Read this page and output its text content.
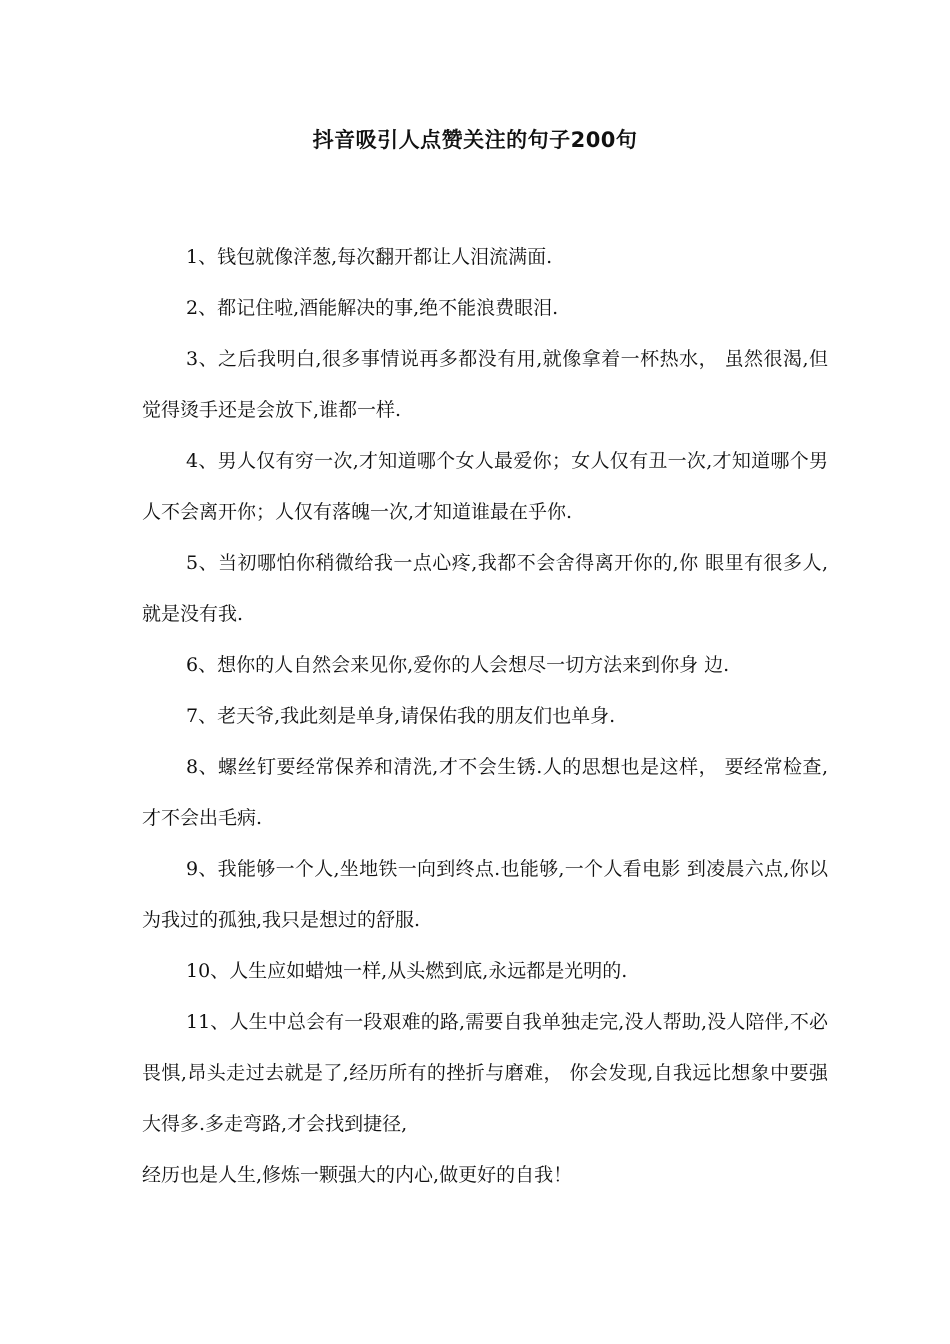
抖音吸引人点赞关注的句子200句

1、钱包就像洋葱,每次翻开都让人泪流满面.

2、都记住啦,酒能解决的事,绝不能浪费眼泪.

3、之后我明白,很多事情说再多都没有用,就像拿着一杯热水， 虽然很渴,但觉得烫手还是会放下,谁都一样.

4、男人仅有穷一次,才知道哪个女人最爱你；女人仅有丑一次,才知道哪个男人不会离开你；人仅有落魄一次,才知道谁最在乎你.

5、当初哪怕你稍微给我一点心疼,我都不会舍得离开你的,你 眼里有很多人,就是没有我.

6、想你的人自然会来见你,爱你的人会想尽一切方法来到你身 边.

7、老天爷,我此刻是单身,请保佑我的朋友们也单身.

8、螺丝钉要经常保养和清洗,才不会生锈.人的思想也是这样， 要经常检查,才不会出毛病.

9、我能够一个人,坐地铁一向到终点.也能够,一个人看电影 到凌晨六点,你以为我过的孤独,我只是想过的舒服.

10、人生应如蜡烛一样,从头燃到底,永远都是光明的.

11、人生中总会有一段艰难的路,需要自我单独走完,没人帮助,没人陪伴,不必畏惧,昂头走过去就是了,经历所有的挫折与磨难， 你会发现,自我远比想象中要强大得多.多走弯路,才会找到捷径,

经历也是人生,修炼一颗强大的内心,做更好的自我！
